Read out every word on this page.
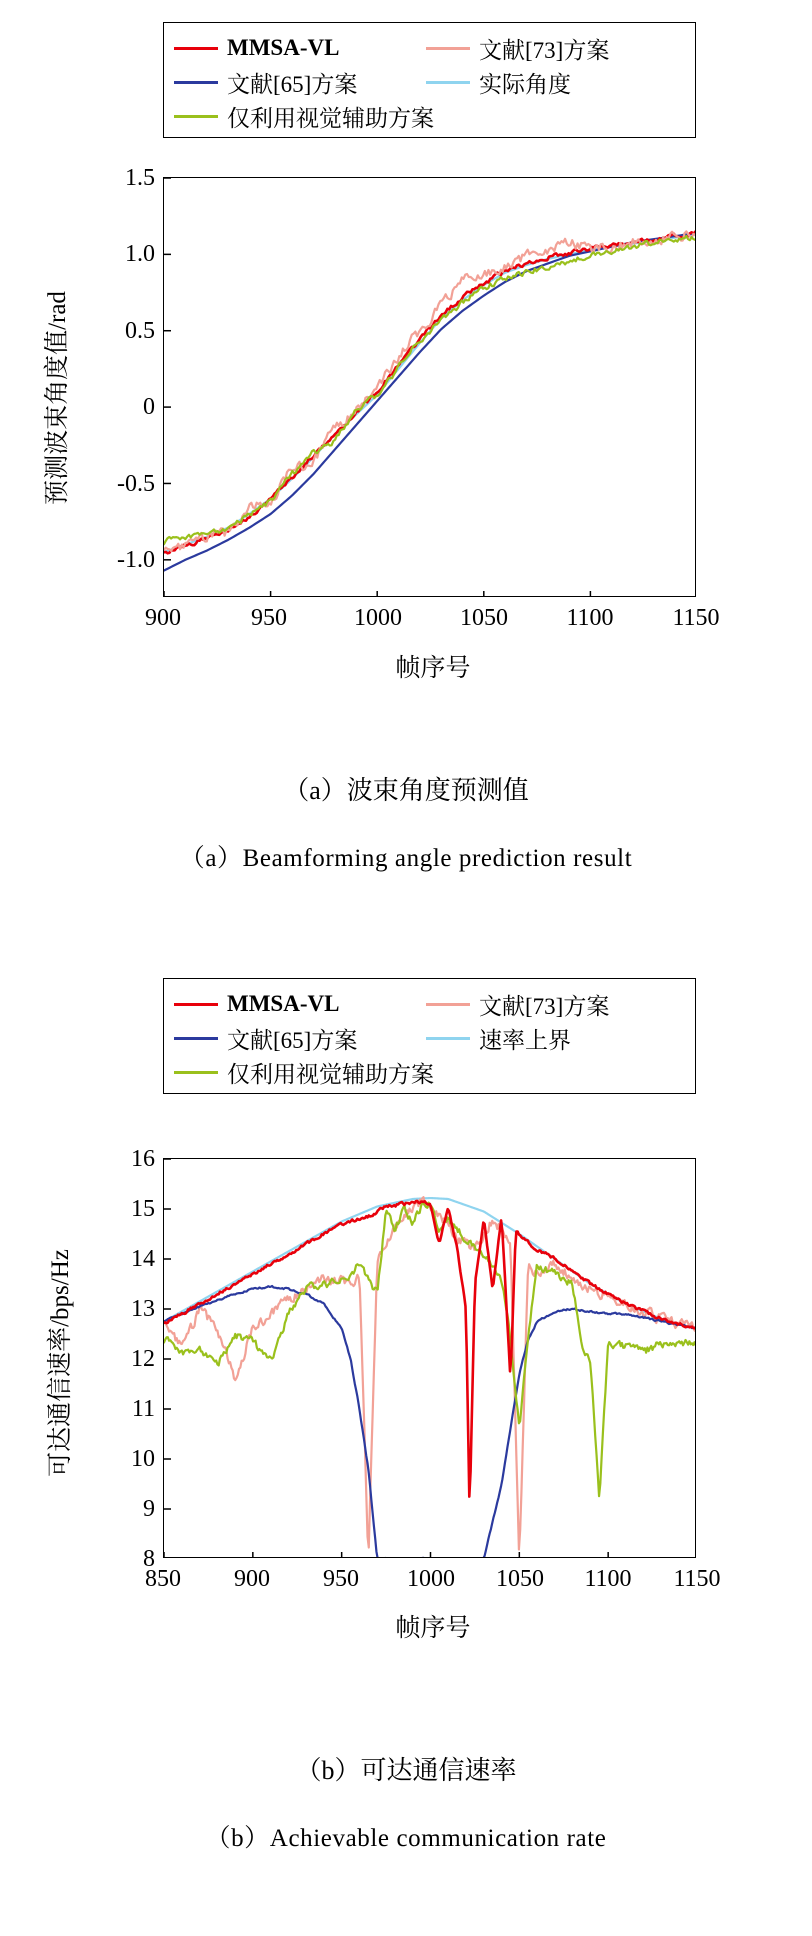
MMSA-VL	文献[73]方案
文献[65]方案	实际角度
仅利用视觉辅助方案
1.5
1.0
0.5
0
-0.5
-1.0
900	950	1000	1050	1100	1150
预测波束角度值/rad
帧序号
（a）波束角度预测值
（a）Beamforming angle prediction result
MMSA-VL	文献[73]方案
文献[65]方案	速率上界
仅利用视觉辅助方案
16
15
14
13
12
11
10
9
8
850	900	950	1000	1050	1100	1150
可达通信速率/bps/Hz
帧序号
（b）可达通信速率
（b）Achievable communication rate
